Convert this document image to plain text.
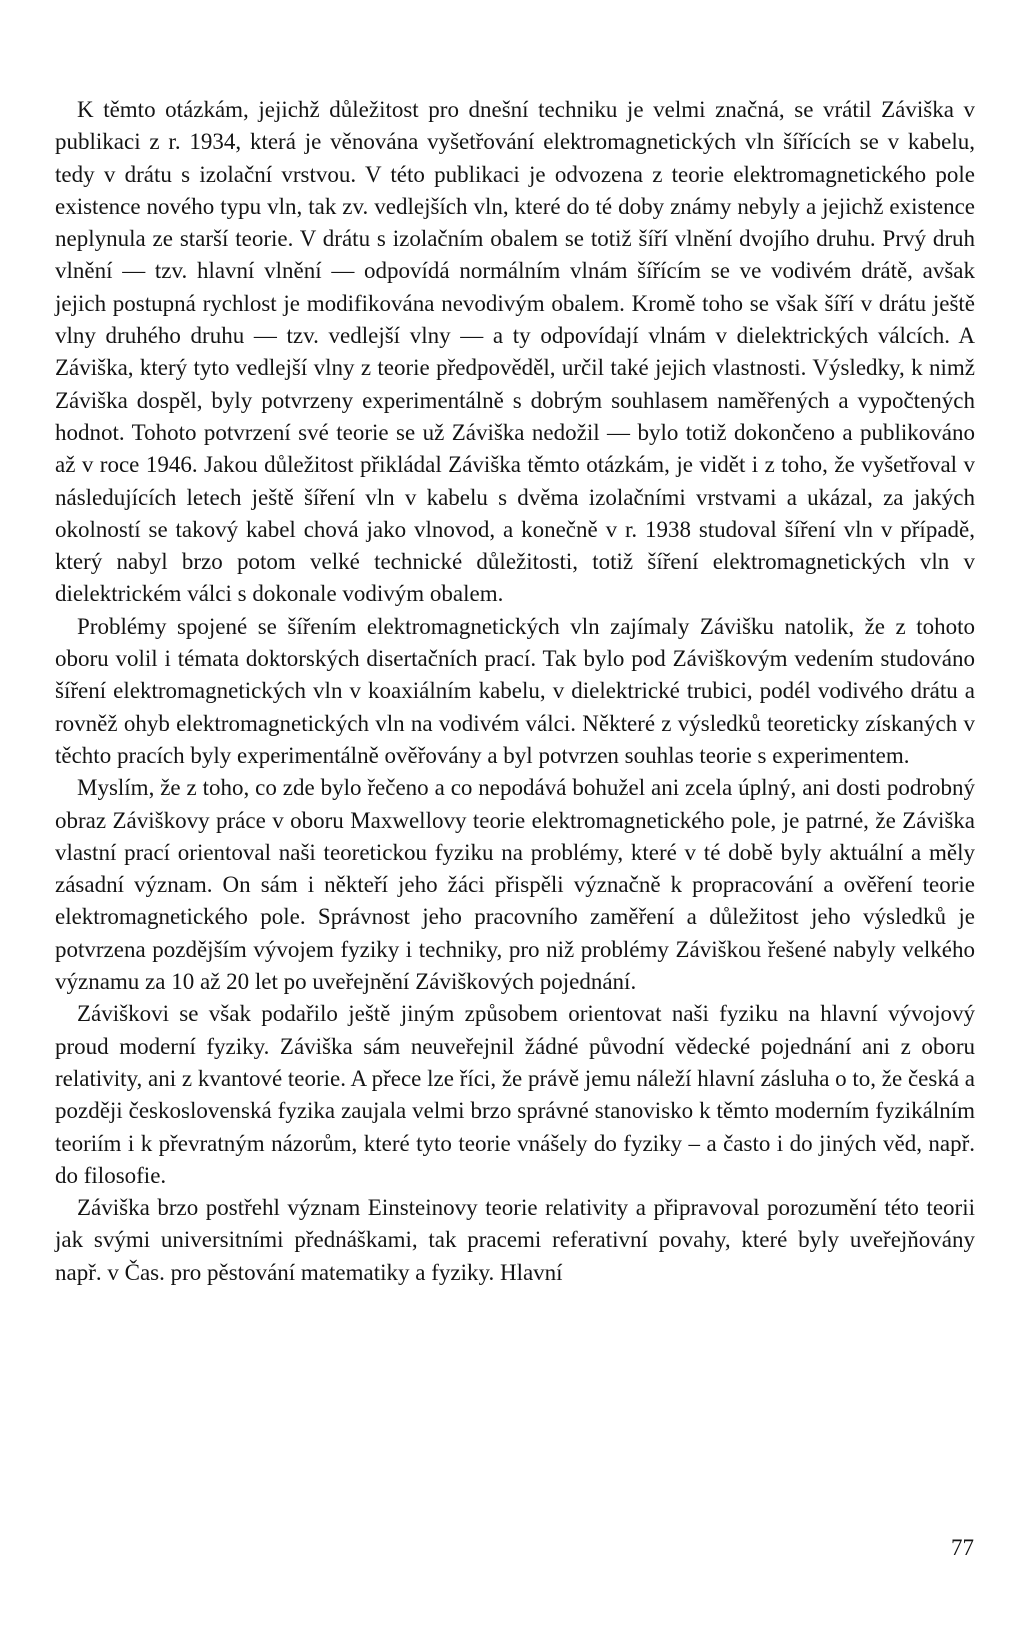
K těmto otázkám, jejichž důležitost pro dnešní techniku je velmi značná, se vrátil Záviška v publikaci z r. 1934, která je věnována vyšetřování elektromagnetických vln šířících se v kabelu, tedy v drátu s izolační vrstvou. V této publikaci je odvozena z teorie elektromagnetického pole existence nového typu vln, tak zv. vedlejších vln, které do té doby známy nebyly a jejichž existence neplynula ze starší teorie. V drátu s izolačním obalem se totiž šíří vlnění dvojího druhu. Prvý druh vlnění — tzv. hlavní vlnění — odpovídá normálním vlnám šířícím se ve vodivém drátě, avšak jejich postupná rychlost je modifikována nevodivým obalem. Kromě toho se však šíří v drátu ještě vlny druhého druhu — tzv. vedlejší vlny — a ty odpovídají vlnám v dielektrických válcích. A Záviška, který tyto vedlejší vlny z teorie předpověděl, určil také jejich vlastnosti. Výsledky, k nimž Záviška dospěl, byly potvrzeny experimentálně s dobrým souhlasem naměřených a vypočtených hodnot. Tohoto potvrzení své teorie se už Záviška nedožil — bylo totiž dokončeno a publikováno až v roce 1946. Jakou důležitost přikládal Záviška těmto otázkám, je vidět i z toho, že vyšetřoval v následujících letech ještě šíření vln v kabelu s dvěma izolačními vrstvami a ukázal, za jakých okolností se takový kabel chová jako vlnovod, a konečně v r. 1938 studoval šíření vln v případě, který nabyl brzo potom velké technické důležitosti, totiž šíření elektromagnetických vln v dielektrickém válci s dokonale vodivým obalem.

Problémy spojené se šířením elektromagnetických vln zajímaly Závišku natolik, že z tohoto oboru volil i témata doktorských disertačních prací. Tak bylo pod Záviškovým vedením studováno šíření elektromagnetických vln v koaxiálním kabelu, v dielektrické trubici, podél vodivého drátu a rovněž ohyb elektromagnetických vln na vodivém válci. Některé z výsledků teoreticky získaných v těchto pracích byly experimentálně ověřovány a byl potvrzen souhlas teorie s experimentem.

Myslím, že z toho, co zde bylo řečeno a co nepodává bohužel ani zcela úplný, ani dosti podrobný obraz Záviškovy práce v oboru Maxwellovy teorie elektromagnetického pole, je patrné, že Záviška vlastní prací orientoval naši teoretickou fyziku na problémy, které v té době byly aktuální a měly zásadní význam. On sám i někteří jeho žáci přispěli význačně k propracování a ověření teorie elektromagnetického pole. Správnost jeho pracovního zaměření a důležitost jeho výsledků je potvrzena pozdějším vývojem fyziky i techniky, pro niž problémy Záviškou řešené nabyly velkého významu za 10 až 20 let po uveřejnění Záviškových pojednání.

Záviškovi se však podařilo ještě jiným způsobem orientovat naši fyziku na hlavní vývojový proud moderní fyziky. Záviška sám neuveřejnil žádné původní vědecké pojednání ani z oboru relativity, ani z kvantové teorie. A přece lze říci, že právě jemu náleží hlavní zásluha o to, že česká a později československá fyzika zaujala velmi brzo správné stanovisko k těmto moderním fyzikálním teoriím i k převratným názorům, které tyto teorie vnášely do fyziky – a často i do jiných věd, např. do filosofie.

Záviška brzo postřehl význam Einsteinovy teorie relativity a připravoval porozumění této teorii jak svými universitními přednáškami, tak pracemi referativní povahy, které byly uveřejňovány např. v Čas. pro pěstování matematiky a fyziky. Hlavní

77
